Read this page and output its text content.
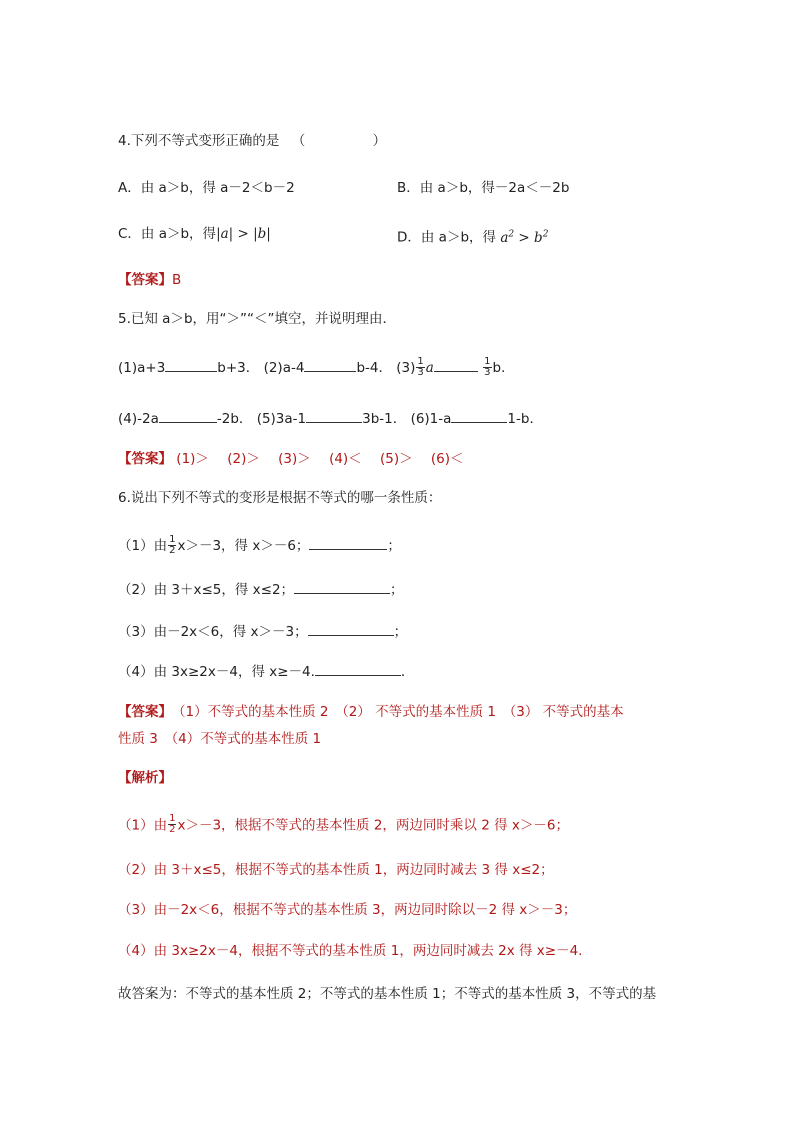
4.下列不等式变形正确的是 （　　　　　）
A．由 a＞b，得 a－2＜b－2	B．由 a＞b，得－2a＜－2b
C．由 a＞b，得|a| > |b|	D．由 a＞b，得 $a^2 > b^2$
【答案】B
5.已知 a＞b，用“＞”“＜”填空，并说明理由．
(1)a+3	b+3． (2)a-4	b-4． $(3) \frac{1}{3}$ a	$\frac{1}{3}$ b．
(4)-2a	-2b． (5)3a-1	3b-1． (6)1-a	1-b．
【答案】 (1)＞ (2)＞ (3)＞ (4)＜ (5)＞ (6)＜
6.说出下列不等式的变形是根据不等式的哪一条性质：
（1）由 $\frac{1}{2} x>-3$，得 x＞－6；	；
（2）由 3＋x≤5，得 x≤2；	；
（3）由－2x＜6，得 x＞－3；	；
（4）由 3x≥2x－4，得 x≥－4.	．
【答案】　（1）不等式的基本性质 2　（2） 不等式的基本性质 1　（3） 不等式的基本
性质 3　（4）不等式的基本性质 1
【解析】
（1）由 $\frac{1}{2} x>-3$，根据不等式的基本性质 2，两边同时乘以 2 得 x＞－6；
（2）由 3＋x≤5，根据不等式的基本性质 1，两边同时减去 3 得 x≤2；
（3）由－2x＜6，根据不等式的基本性质 3，两边同时除以－2 得 x＞－3；
（4）由 3x≥2x－4，根据不等式的基本性质 1，两边同时减去 2x 得 x≥－4.
故答案为：不等式的基本性质 2；不等式的基本性质 1；不等式的基本性质 3，不等式的基
